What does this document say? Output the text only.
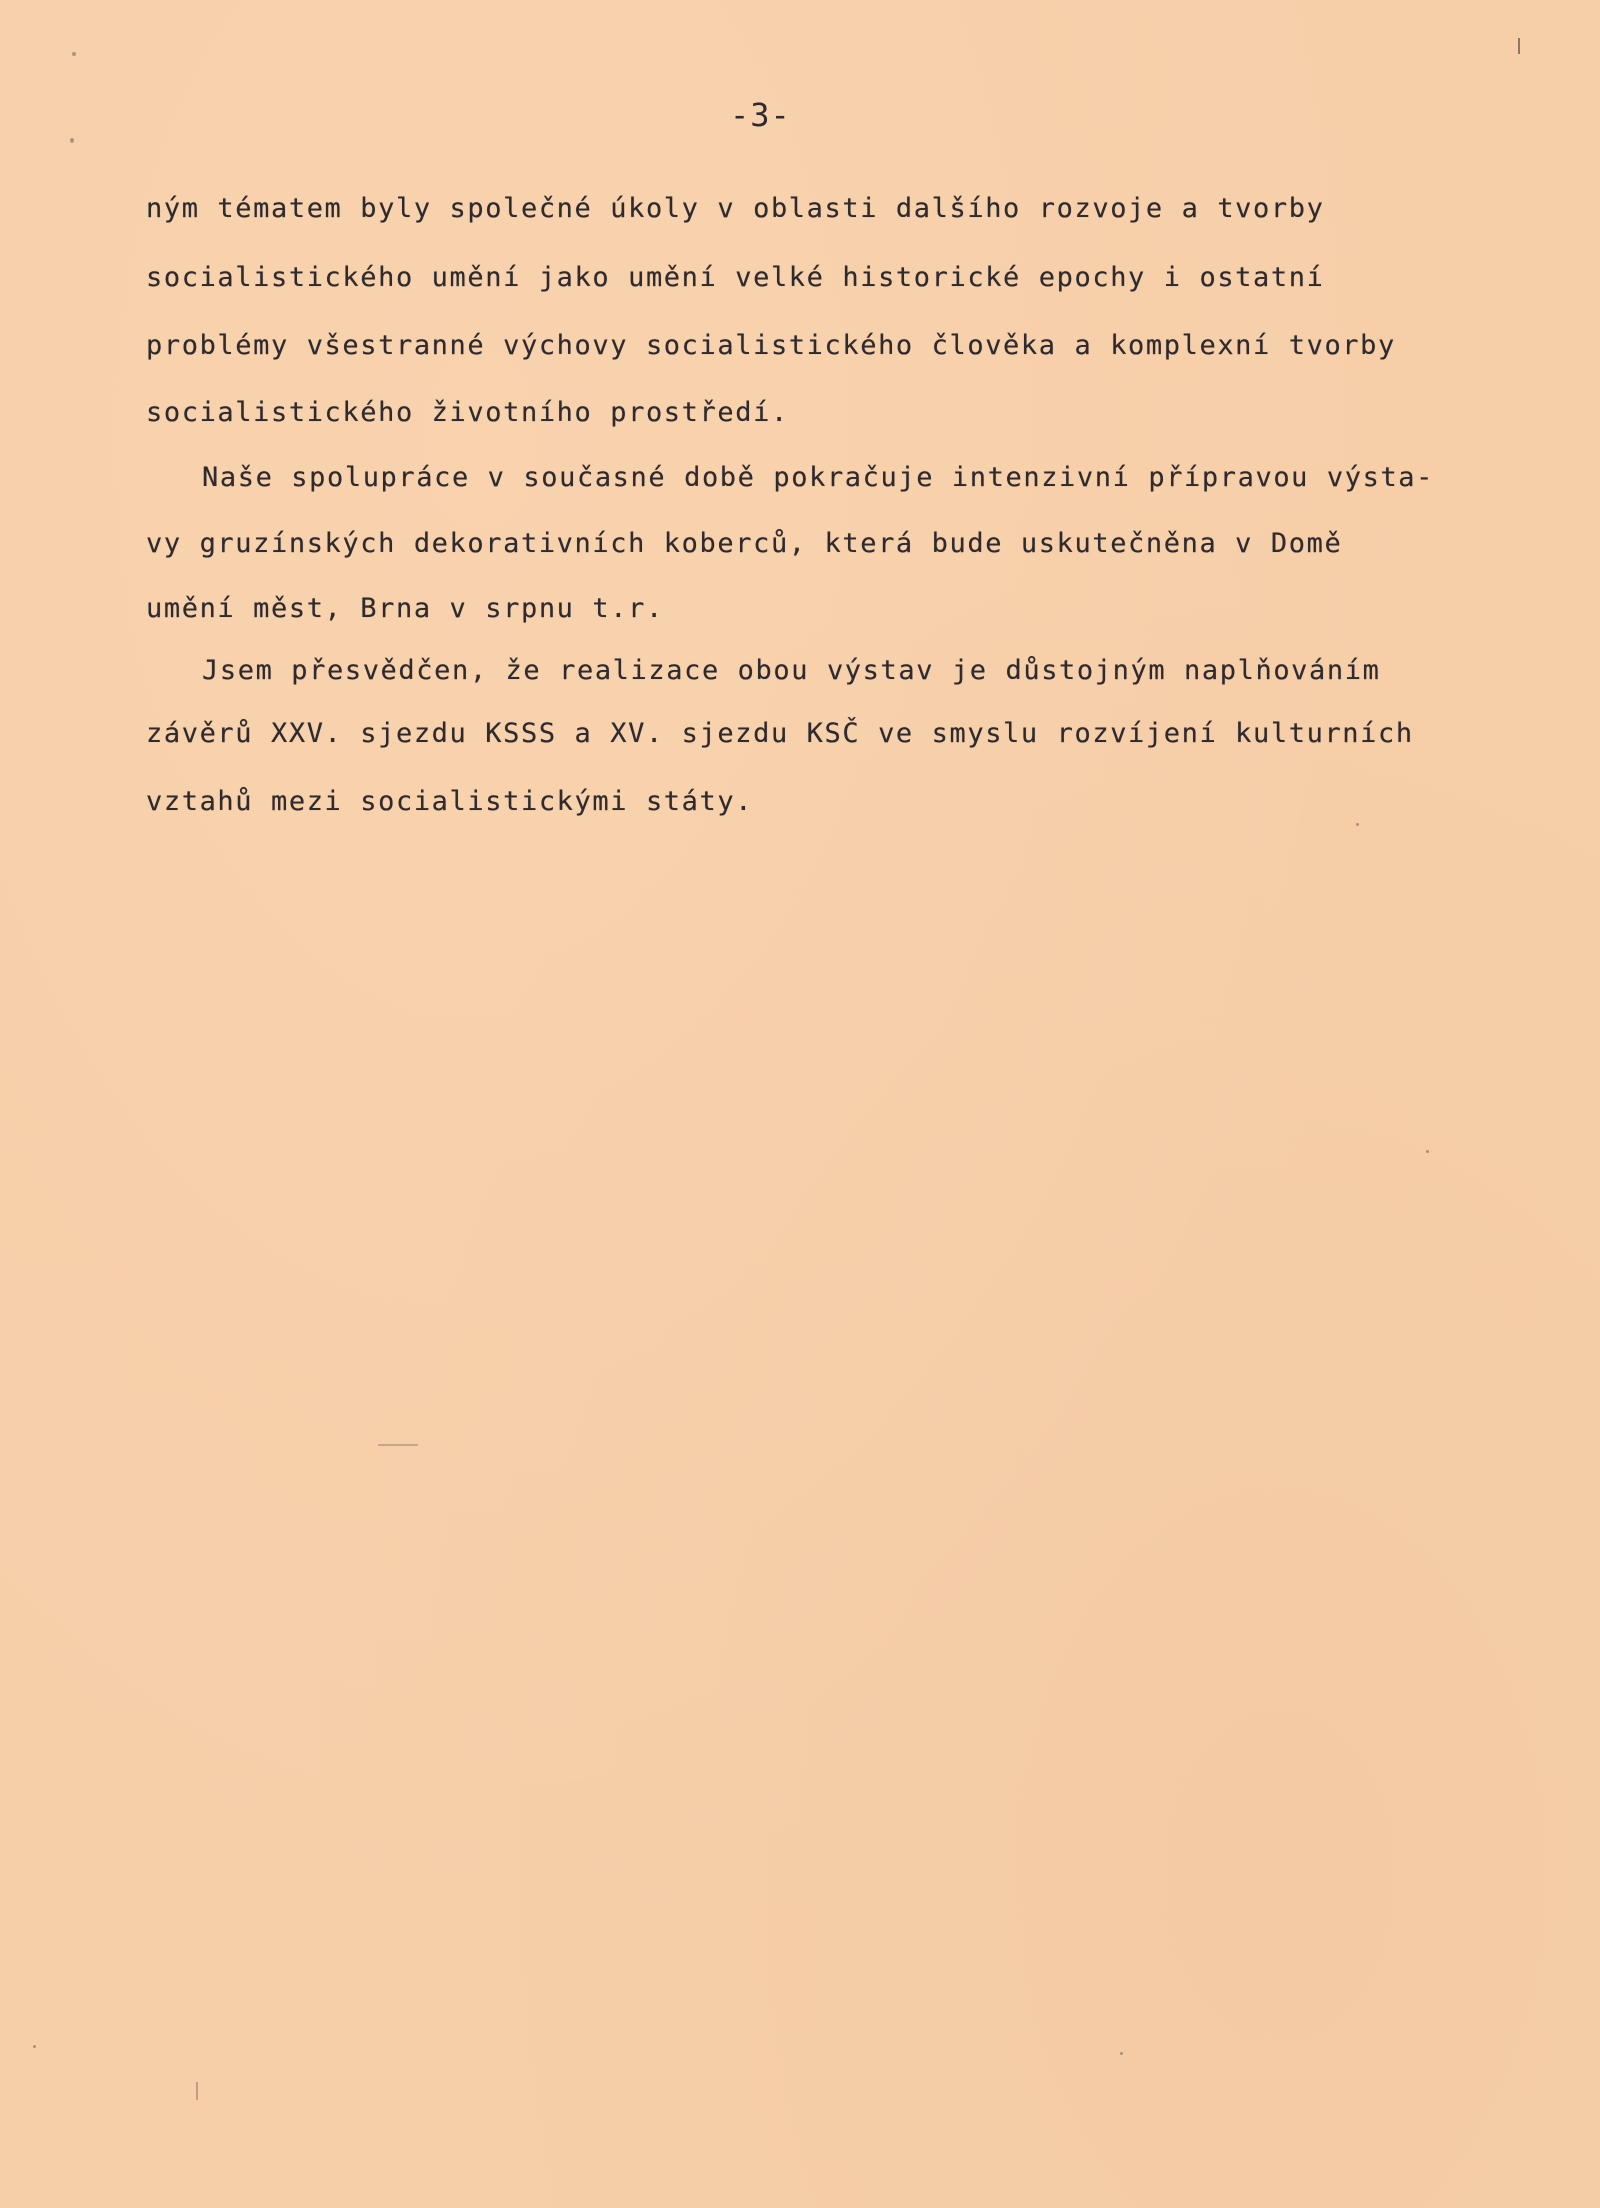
-3-
ným tématem byly společné úkoly v oblasti dalšího rozvoje a tvorby
socialistického umění jako umění velké historické epochy i ostatní
problémy všestranné výchovy socialistického člověka a komplexní tvorby
socialistického životního prostředí.
Naše spolupráce v současné době pokračuje intenzivní přípravou výsta-
vy gruzínských dekorativních koberců, která bude uskutečněna v Domě
umění měst, Brna v srpnu t.r.
Jsem přesvědčen, že realizace obou výstav je důstojným naplňováním
závěrů XXV. sjezdu KSSS a XV. sjezdu KSČ ve smyslu rozvíjení kulturních
vztahů mezi socialistickými státy.
